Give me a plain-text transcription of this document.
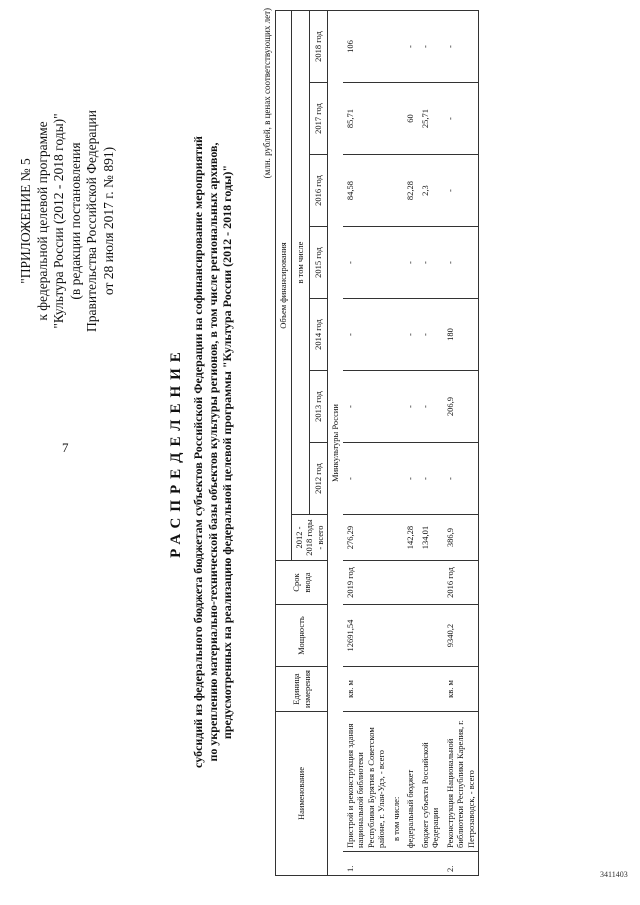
7
3411403
"ПРИЛОЖЕНИЕ № 5 к федеральной целевой программе "Культура России (2012 - 2018 годы)" (в редакции постановления Правительства Российской Федерации от 28 июля 2017 г. № 891)
РАСПРЕДЕЛЕНИЕ субсидий из федерального бюджета бюджетам субъектов Российской Федерации на софинансирование мероприятий по укреплению материально-технической базы объектов культуры регионов, в том числе региональных архивов, предусмотренных на реализацию федеральной целевой программы "Культура России (2012 - 2018 годы)"
(млн. рублей, в ценах соответствующих лет)
Наименование		Единица измерения	Мощность	Срок ввода	Объем финансирования							
					2012 - 2018 годы - всего	в том числе						
						2012 год	2013 год	2014 год	2015 год	2016 год	2017 год	2018 год
Минкультуры России												
1.	Пристрой и реконструкция здания национальной библиотеки Республики Бурятия в Советском районе, г. Улан-Удэ, - всего	кв. м	12691,54	2019 год	276,29	-	-	-	-	84,58	85,71	106
	в том числе:											
	федеральный бюджет				142,28	-	-	-	-	82,28	60	-
	бюджет субъекта Российской Федерации				134,01	-	-	-	-	2,3	25,71	-
2.	Реконструкция Национальной библиотеки Республики Карелия, г. Петрозаводск, - всего	кв. м	9340,2	2016 год	386,9	-	206,9	180	-	-	-	-
